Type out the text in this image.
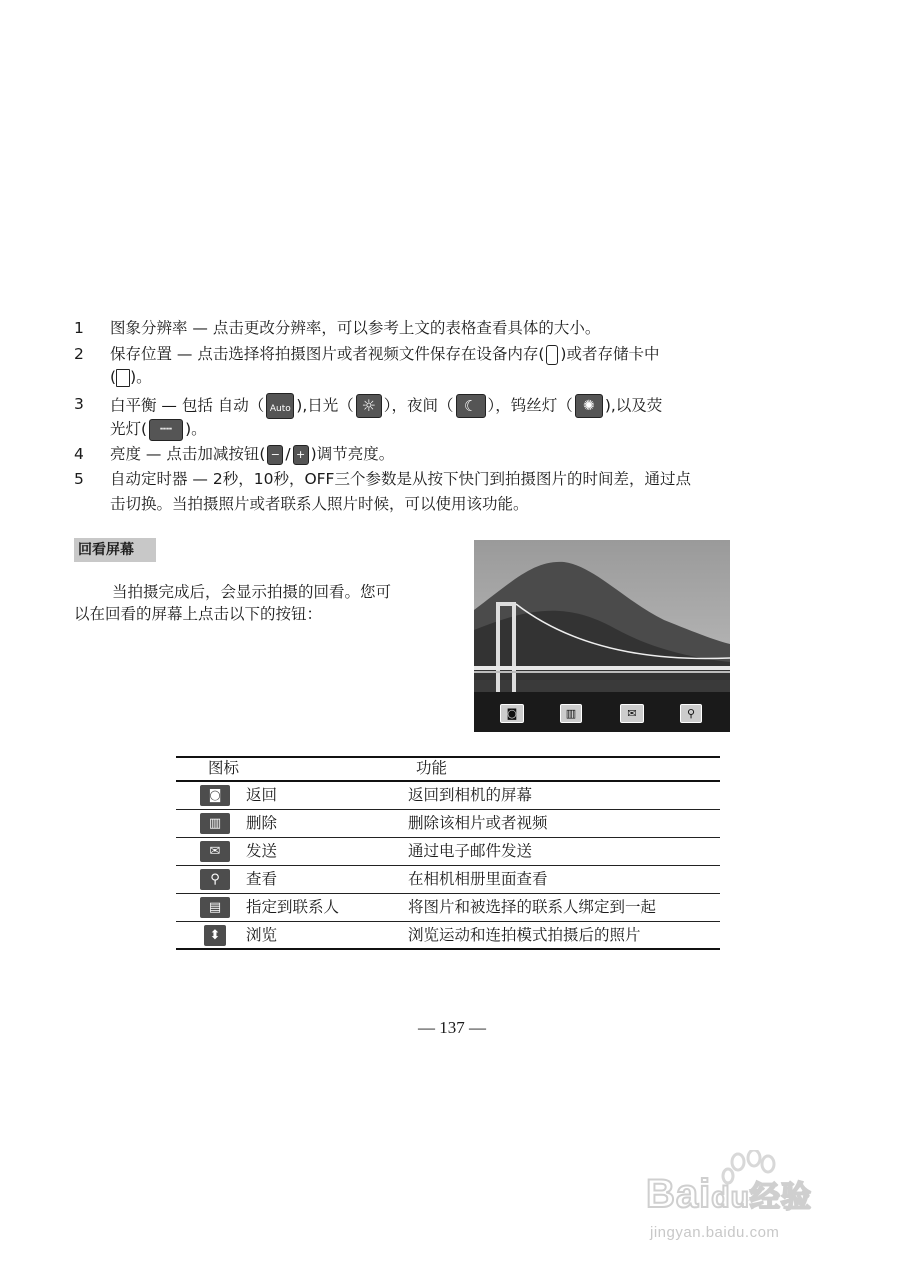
1 图象分辨率 — 点击更改分辨率，可以参考上文的表格查看具体的大小。
2 保存位置 — 点击选择将拍摄图片或者视频文件保存在设备内存( )或者存储卡中
( )。
3 白平衡 — 包括 自动（ Auto ),日光（ ☼ ），夜间（ ☾ ），钨丝灯（ ✺ ),以及荧
光灯( ┅┅ )。
4 亮度 — 点击加减按钮( − / + )调节亮度。
5 自动定时器 — 2秒，10秒，OFF三个参数是从按下快门到拍摄图片的时间差，通过点
击切换。当拍摄照片或者联系人照片时候，可以使用该功能。
回看屏幕
当拍摄完成后，会显示拍摄的回看。您可
以在回看的屏幕上点击以下的按钮：
◙	▥	✉	⚲
图标	功能
◙	返回	返回到相机的屏幕
▥	删除	删除该相片或者视频
✉	发送	通过电子邮件发送
⚲	查看	在相机相册里面查看
▤	指定到联系人	将图片和被选择的联系人绑定到一起
⬍	浏览	浏览运动和连拍模式拍摄后的照片
— 137 —
Baidu经验
jingyan.baidu.com
